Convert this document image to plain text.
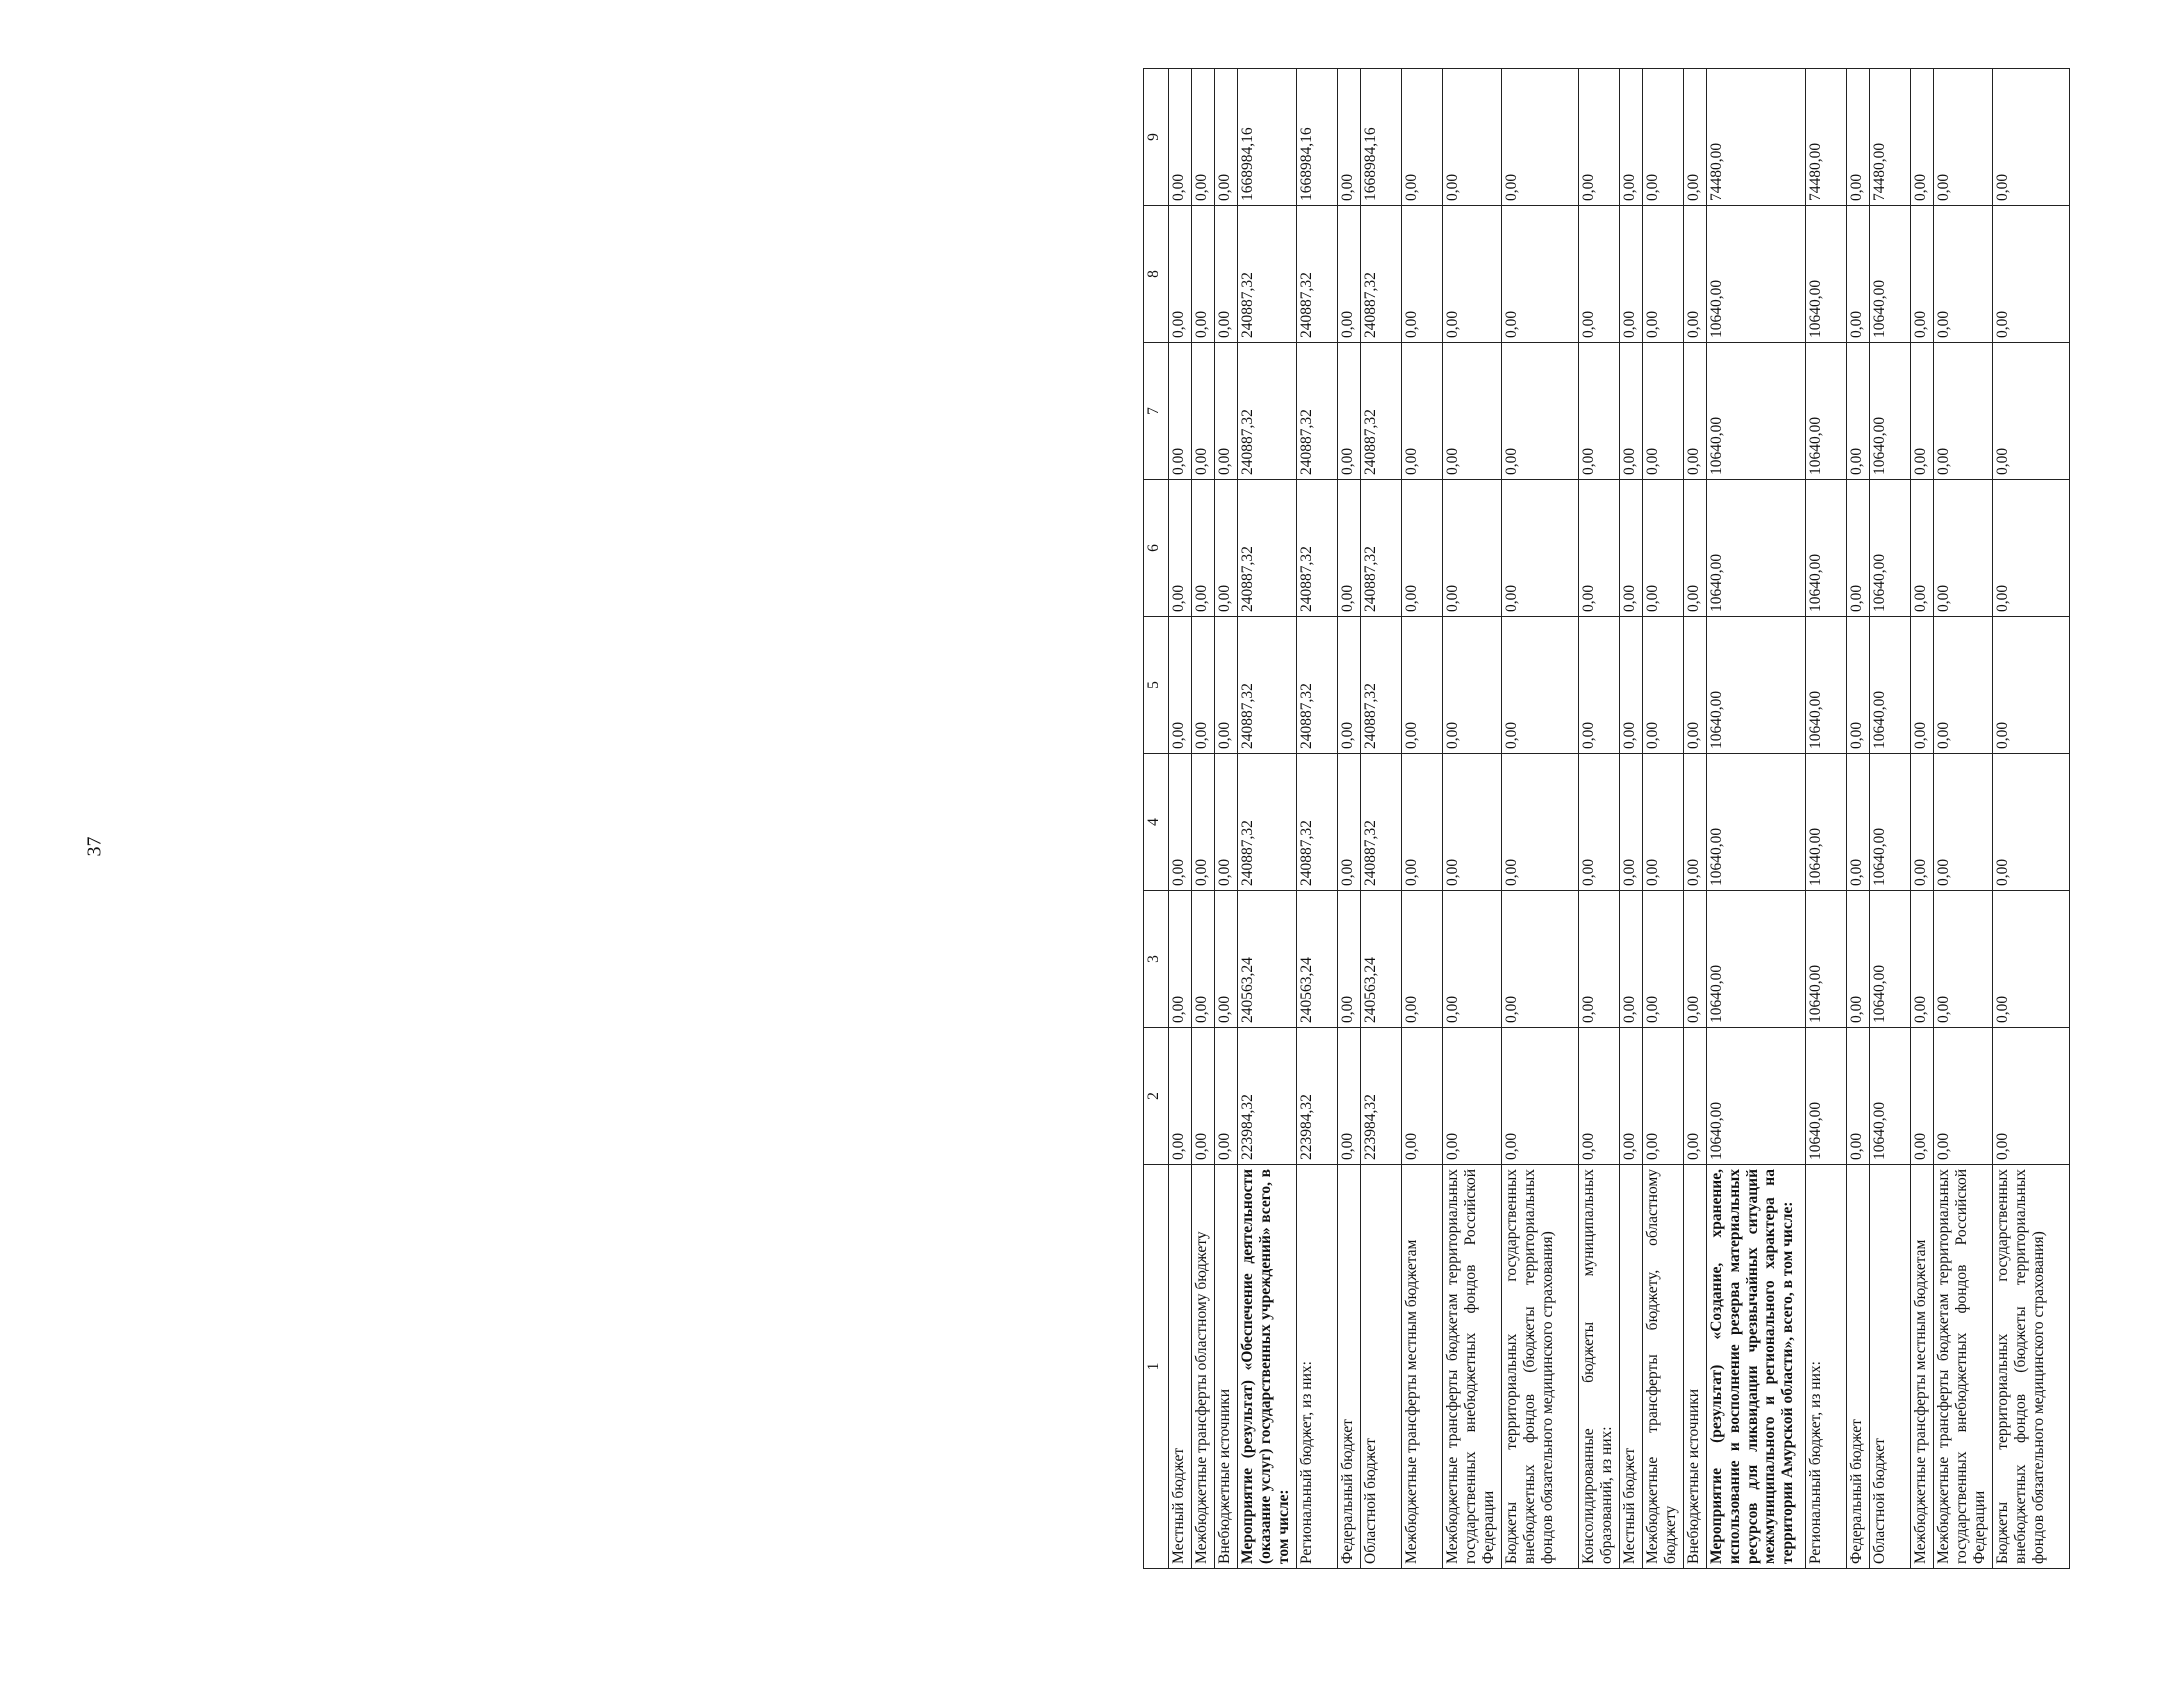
37
1	2	3	4	5	6	7	8	9
Местный бюджет	0,00	0,00	0,00	0,00	0,00	0,00	0,00	0,00
Межбюджетные трансферты областному бюджету	0,00	0,00	0,00	0,00	0,00	0,00	0,00	0,00
Внебюджетные источники	0,00	0,00	0,00	0,00	0,00	0,00	0,00	0,00
Мероприятие (результат) «Обеспечение деятельности (оказание услуг) государственных учреждений» всего, в том числе:	223984,32	240563,24	240887,32	240887,32	240887,32	240887,32	240887,32	1668984,16
Региональный бюджет, из них:	223984,32	240563,24	240887,32	240887,32	240887,32	240887,32	240887,32	1668984,16
Федеральный бюджет	0,00	0,00	0,00	0,00	0,00	0,00	0,00	0,00
Областной бюджет	223984,32	240563,24	240887,32	240887,32	240887,32	240887,32	240887,32	1668984,16
Межбюджетные трансферты местным бюджетам	0,00	0,00	0,00	0,00	0,00	0,00	0,00	0,00
Межбюджетные трансферты бюджетам территориальных государственных внебюджетных фондов Российской Федерации	0,00	0,00	0,00	0,00	0,00	0,00	0,00	0,00
Бюджеты территориальных государственных внебюджетных фондов (бюджеты территориальных фондов обязательного медицинского страхования)	0,00	0,00	0,00	0,00	0,00	0,00	0,00	0,00
Консолидированные бюджеты муниципальных образований, из них:	0,00	0,00	0,00	0,00	0,00	0,00	0,00	0,00
Местный бюджет	0,00	0,00	0,00	0,00	0,00	0,00	0,00	0,00
Межбюджетные трансферты бюджету, областному бюджету	0,00	0,00	0,00	0,00	0,00	0,00	0,00	0,00
Внебюджетные источники	0,00	0,00	0,00	0,00	0,00	0,00	0,00	0,00
Мероприятие (результат) «Создание, хранение, использование и восполнение резерва материальных ресурсов для ликвидации чрезвычайных ситуаций межмуниципального и регионального характера на территории Амурской области», всего, в том числе:	10640,00	10640,00	10640,00	10640,00	10640,00	10640,00	10640,00	74480,00
Региональный бюджет, из них:	10640,00	10640,00	10640,00	10640,00	10640,00	10640,00	10640,00	74480,00
Федеральный бюджет	0,00	0,00	0,00	0,00	0,00	0,00	0,00	0,00
Областной бюджет	10640,00	10640,00	10640,00	10640,00	10640,00	10640,00	10640,00	74480,00
Межбюджетные трансферты местным бюджетам	0,00	0,00	0,00	0,00	0,00	0,00	0,00	0,00
Межбюджетные трансферты бюджетам территориальных государственных внебюджетных фондов Российской Федерации	0,00	0,00	0,00	0,00	0,00	0,00	0,00	0,00
Бюджеты территориальных государственных внебюджетных фондов (бюджеты территориальных фондов обязательного медицинского страхования)	0,00	0,00	0,00	0,00	0,00	0,00	0,00	0,00
